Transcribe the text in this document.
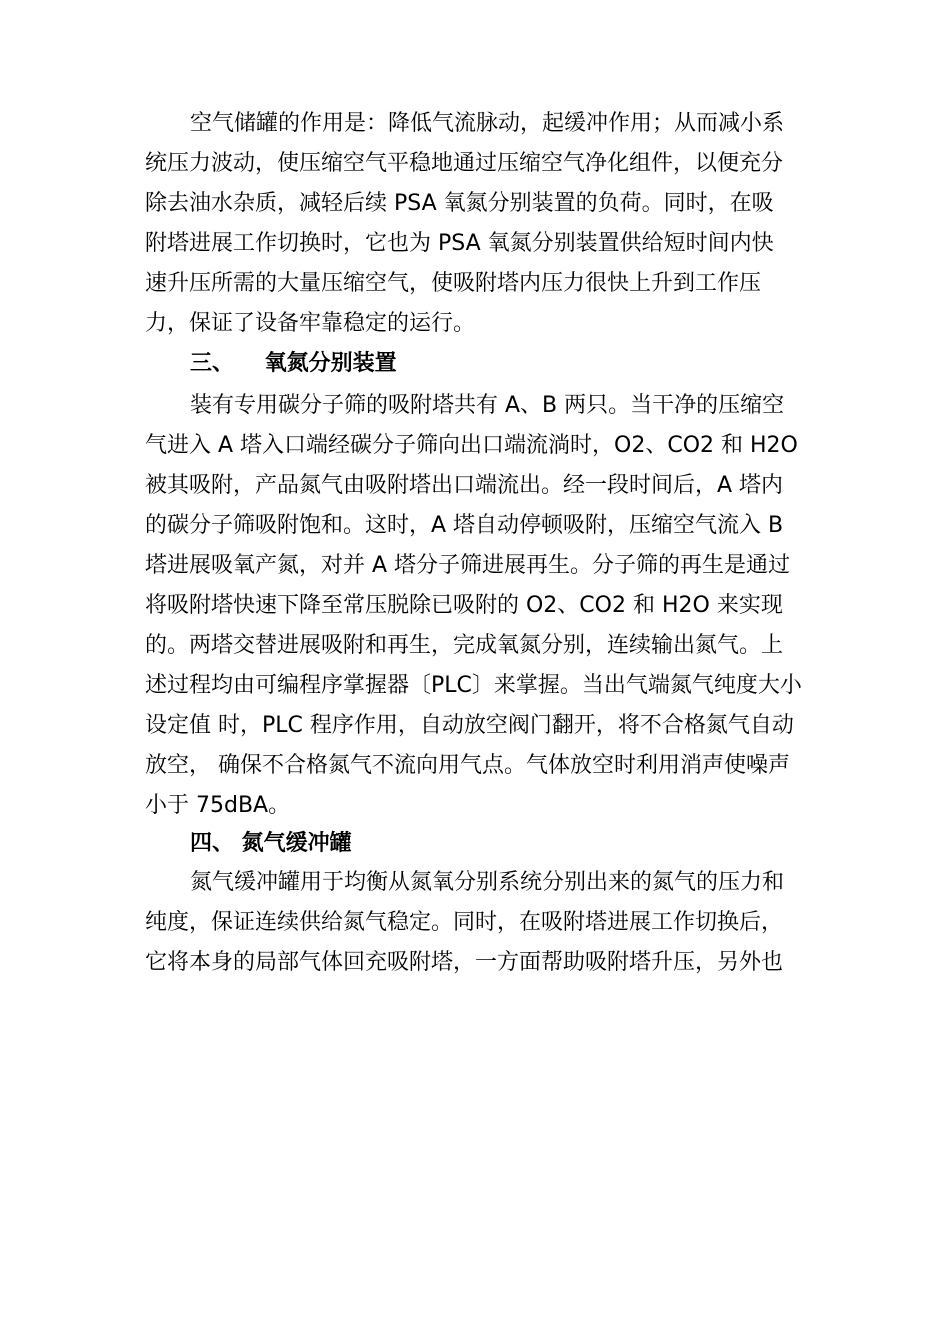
空气储罐的作用是：降低气流脉动，起缓冲作用；从而减小系

统压力波动，使压缩空气平稳地通过压缩空气净化组件，以便充分

除去油水杂质，减轻后续 PSA 氧氮分别装置的负荷。同时，在吸

附塔进展工作切换时，它也为 PSA 氧氮分别装置供给短时间内快

速升压所需的大量压缩空气，使吸附塔内压力很快上升到工作压

力，保证了设备牢靠稳定的运行。

三、    氧氮分别装置

装有专用碳分子筛的吸附塔共有 A、B 两只。当干净的压缩空

气进入 A 塔入口端经碳分子筛向出口端流淌时，O2、CO2 和 H2O

被其吸附，产品氮气由吸附塔出口端流出。经一段时间后，A 塔内

的碳分子筛吸附饱和。这时，A 塔自动停顿吸附，压缩空气流入 B

塔进展吸氧产氮，对并 A 塔分子筛进展再生。分子筛的再生是通过

将吸附塔快速下降至常压脱除已吸附的 O2、CO2 和 H2O 来实现

的。两塔交替进展吸附和再生，完成氧氮分别，连续输出氮气。上

述过程均由可编程序掌握器〔PLC〕来掌握。当出气端氮气纯度大小

设定值 时，PLC 程序作用，自动放空阀门翻开，将不合格氮气自动

放空， 确保不合格氮气不流向用气点。气体放空时利用消声使噪声

小于 75dBA。

四、 氮气缓冲罐

氮气缓冲罐用于均衡从氮氧分别系统分别出来的氮气的压力和

纯度，保证连续供给氮气稳定。同时，在吸附塔进展工作切换后，

它将本身的局部气体回充吸附塔，一方面帮助吸附塔升压，另外也
